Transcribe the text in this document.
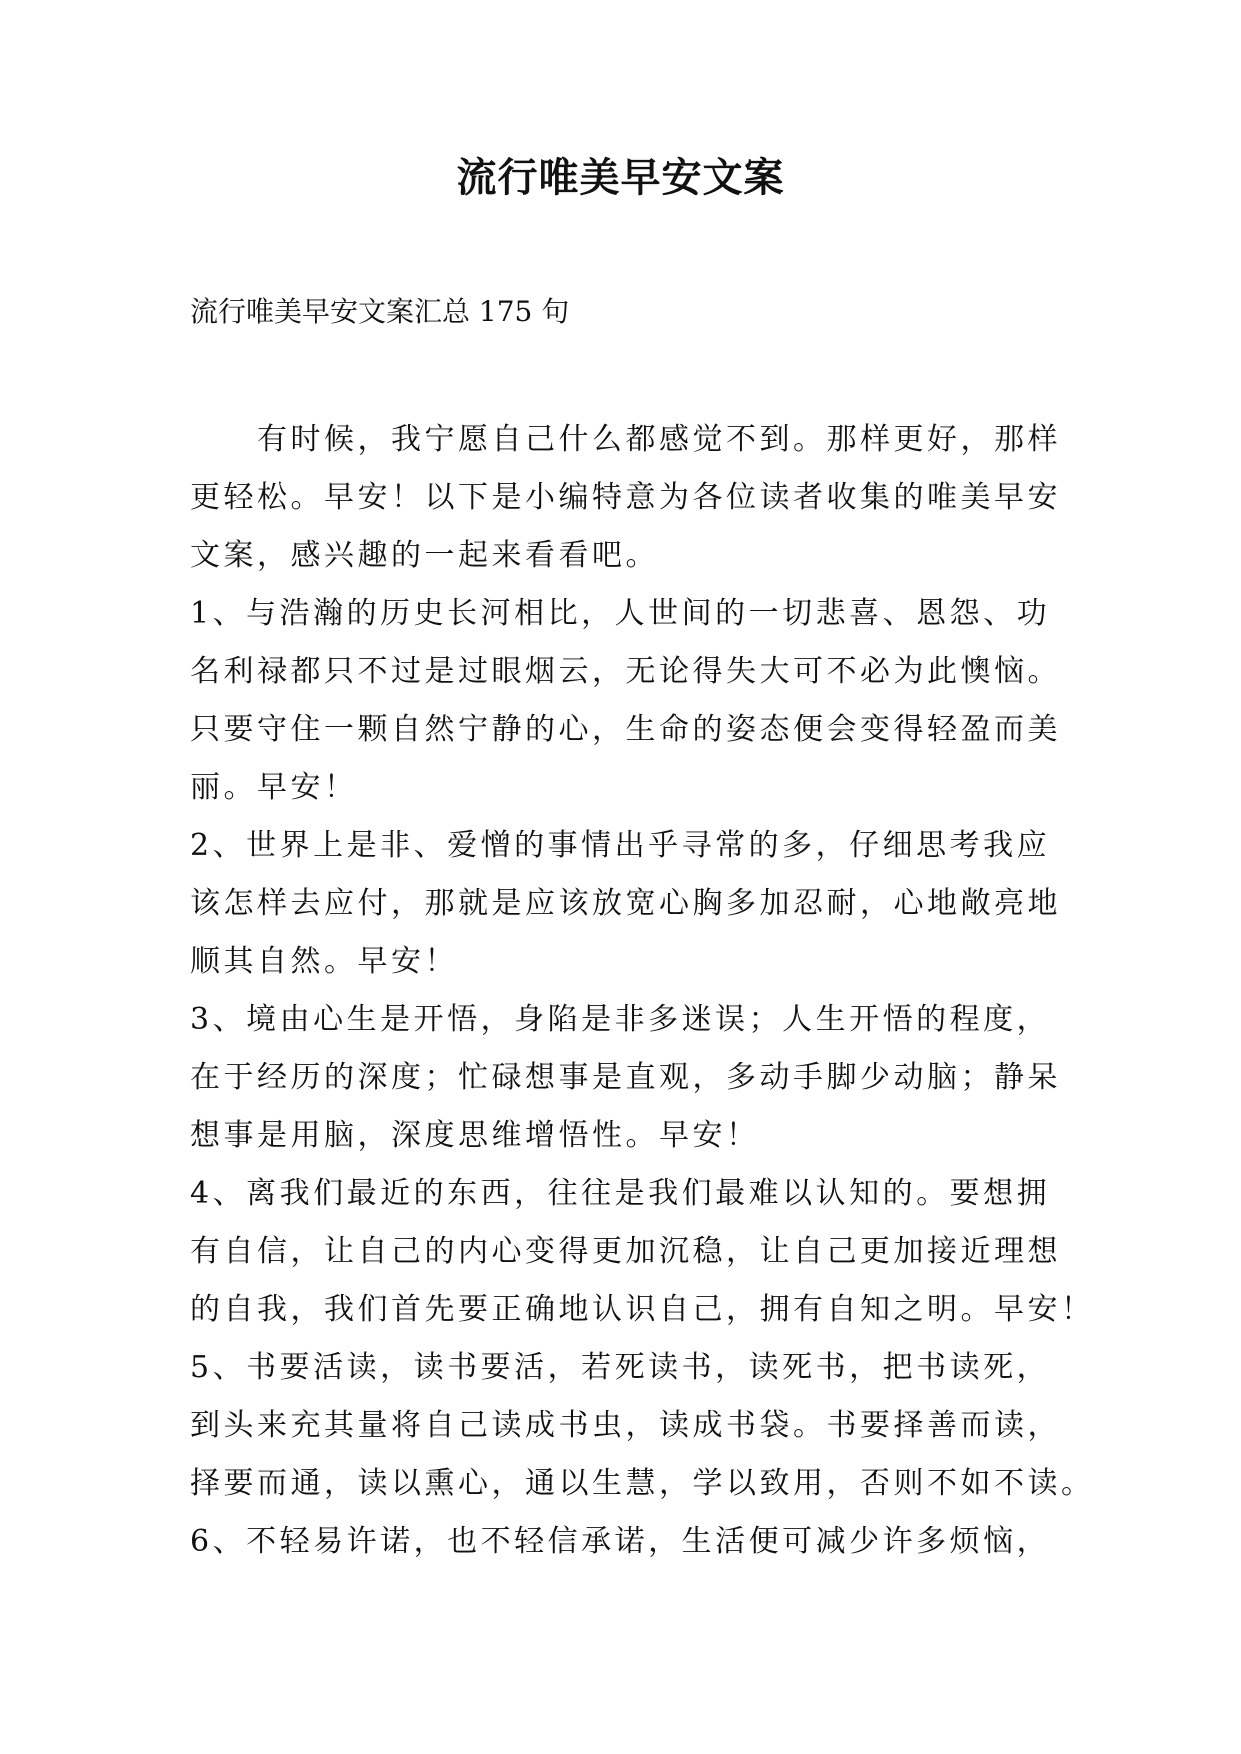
流行唯美早安文案
流行唯美早安文案汇总 175 句
　　有时候，我宁愿自己什么都感觉不到。那样更好，那样
更轻松。早安！以下是小编特意为各位读者收集的唯美早安
文案，感兴趣的一起来看看吧。
1、与浩瀚的历史长河相比，人世间的一切悲喜、恩怨、功
名利禄都只不过是过眼烟云，无论得失大可不必为此懊恼。
只要守住一颗自然宁静的心，生命的姿态便会变得轻盈而美
丽。早安！
2、世界上是非、爱憎的事情出乎寻常的多，仔细思考我应
该怎样去应付，那就是应该放宽心胸多加忍耐，心地敞亮地
顺其自然。早安！
3、境由心生是开悟，身陷是非多迷误；人生开悟的程度，
在于经历的深度；忙碌想事是直观，多动手脚少动脑；静呆
想事是用脑，深度思维增悟性。早安！
4、离我们最近的东西，往往是我们最难以认知的。要想拥
有自信，让自己的内心变得更加沉稳，让自己更加接近理想
的自我，我们首先要正确地认识自己，拥有自知之明。早安！
5、书要活读，读书要活，若死读书，读死书，把书读死，
到头来充其量将自己读成书虫，读成书袋。书要择善而读，
择要而通，读以熏心，通以生慧，学以致用，否则不如不读。
6、不轻易许诺，也不轻信承诺，生活便可减少许多烦恼，
